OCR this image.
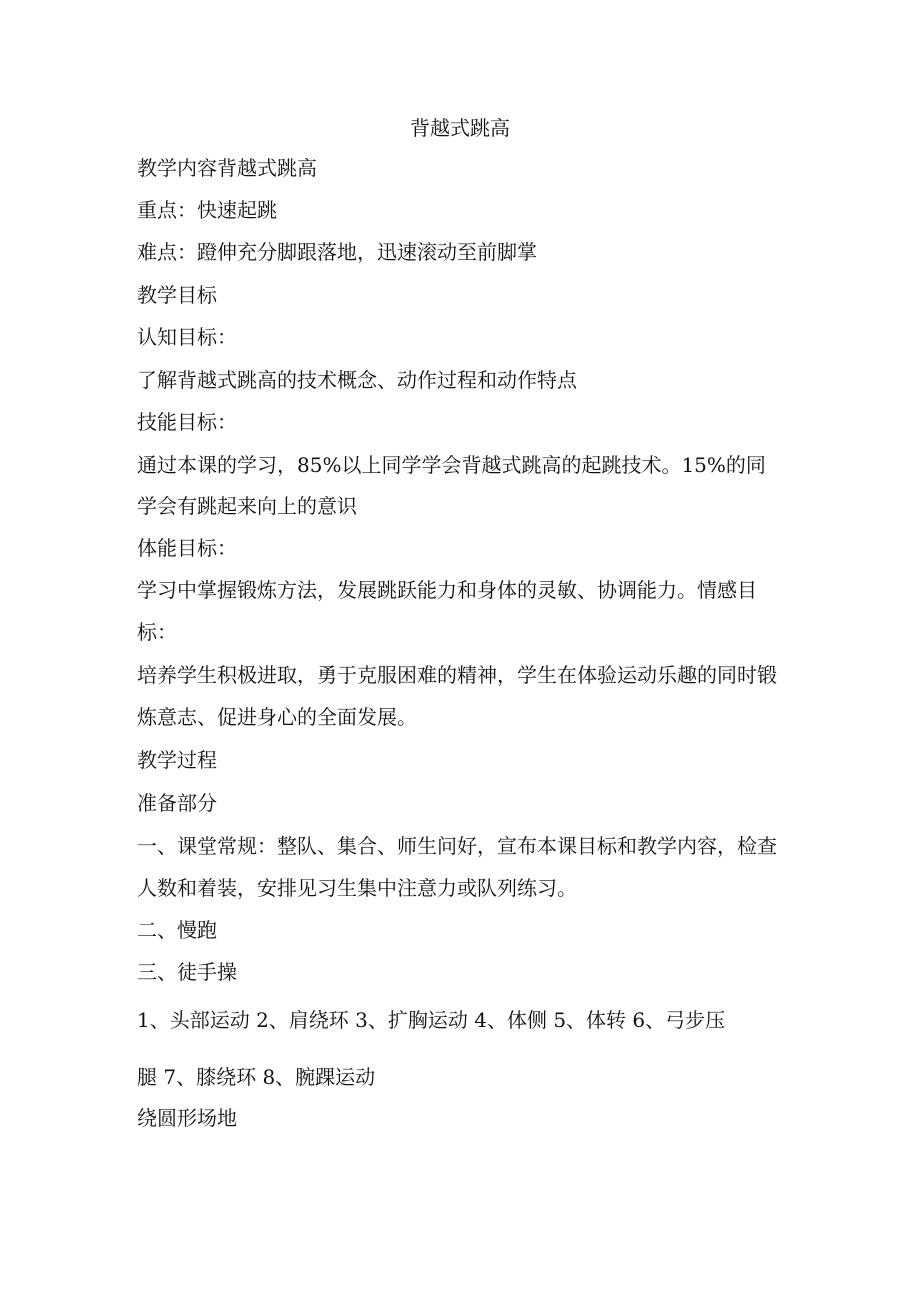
背越式跳高
教学内容背越式跳高
重点：快速起跳
难点：蹬伸充分脚跟落地，迅速滚动至前脚掌
教学目标
认知目标：
了解背越式跳高的技术概念、动作过程和动作特点
技能目标：
通过本课的学习，85%以上同学学会背越式跳高的起跳技术。15%的同
学会有跳起来向上的意识
体能目标：
学习中掌握锻炼方法，发展跳跃能力和身体的灵敏、协调能力。情感目
标：
培养学生积极进取，勇于克服困难的精神，学生在体验运动乐趣的同时锻
炼意志、促进身心的全面发展。
教学过程
准备部分
一、课堂常规：整队、集合、师生问好，宣布本课目标和教学内容，检查
人数和着装，安排见习生集中注意力或队列练习。
二、慢跑
三、徒手操
1、头部运动 2、肩绕环 3、扩胸运动 4、体侧 5、体转 6、弓步压
腿 7、膝绕环 8、腕踝运动
绕圆形场地
